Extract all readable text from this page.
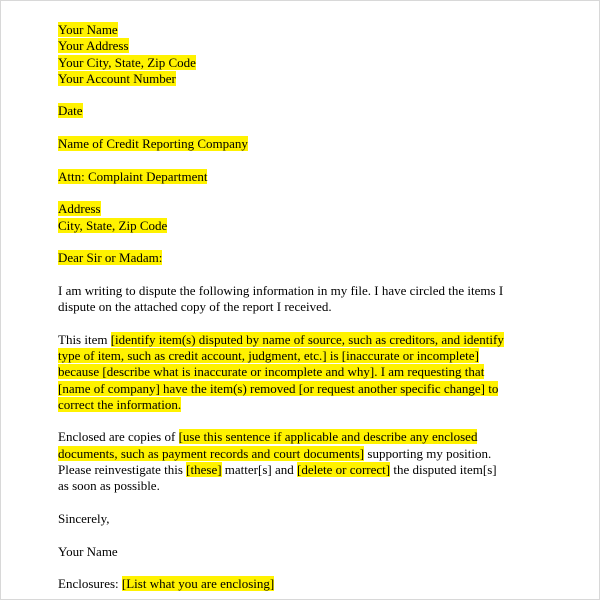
Your Name
Your Address
Your City, State, Zip Code
Your Account Number
Date
Name of Credit Reporting Company
Attn: Complaint Department
Address
City, State, Zip Code
Dear Sir or Madam:
I am writing to dispute the following information in my file. I have circled the items I
dispute on the attached copy of the report I received.
This item [identify item(s) disputed by name of source, such as creditors, and identify
type of item, such as credit account, judgment, etc.] is [inaccurate or incomplete]
because [describe what is inaccurate or incomplete and why]. I am requesting that
[name of company] have the item(s) removed [or request another specific change] to
correct the information.
Enclosed are copies of [use this sentence if applicable and describe any enclosed
documents, such as payment records and court documents] supporting my position.
Please reinvestigate this [these] matter[s] and [delete or correct] the disputed item[s]
as soon as possible.
Sincerely,
Your Name
Enclosures: [List what you are enclosing]
